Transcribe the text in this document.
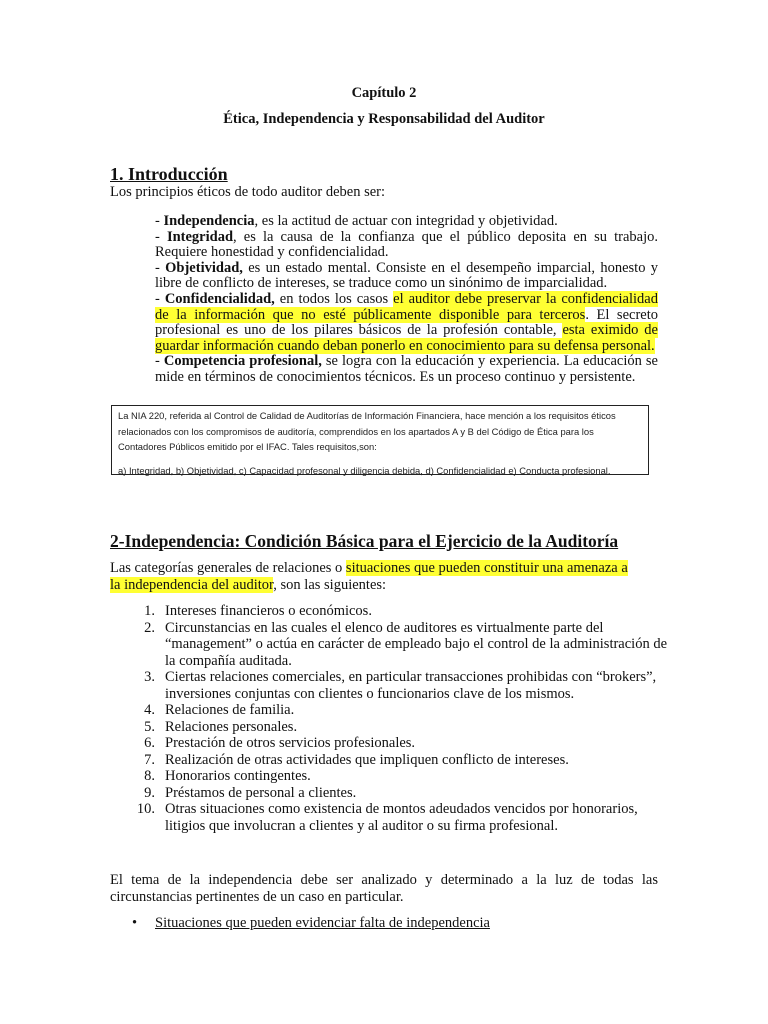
Capítulo 2
Ética, Independencia y Responsabilidad del Auditor
1. Introducción
Los principios éticos de todo auditor deben ser:

- Independencia, es la actitud de actuar con integridad y objetividad.

- Integridad, es la causa de la confianza que el público deposita en su trabajo. Requiere honestidad y confidencialidad.

- Objetividad, es un estado mental. Consiste en el desempeño imparcial, honesto y libre de conflicto de intereses, se traduce como un sinónimo de imparcialidad.

- Confidencialidad, en todos los casos el auditor debe preservar la confidencialidad de la información que no esté públicamente disponible para terceros. El secreto profesional es uno de los pilares básicos de la profesión contable, esta eximido de guardar información cuando deban ponerlo en conocimiento para su defensa personal.

- Competencia profesional, se logra con la educación y experiencia. La educación se mide en términos de conocimientos técnicos. Es un proceso continuo y persistente.

La NIA 220, referida al Control de Calidad de Auditorías de Información Financiera, hace mención a los requisitos éticos
relacionados con los compromisos de auditoría, comprendidos en los apartados A y B del Código de Ética para los
Contadores Públicos emitido por el IFAC. Tales requisitos,son:
a) Integridad, b) Objetividad, c) Capacidad profesonal y diligencia debida, d) Confidencialidad e) Conducta profesional.
2-Independencia: Condición Básica para el Ejercicio de la Auditoría
Las categorías generales de relaciones o situaciones que pueden constituir una amenaza a la independencia del auditor, son las siguientes:
1. Intereses financieros o económicos.
2. Circunstancias en las cuales el elenco de auditores es virtualmente parte del “management” o actúa en carácter de empleado bajo el control de la administración de la compañía auditada.
3. Ciertas relaciones comerciales, en particular transacciones prohibidas con “brokers”, inversiones conjuntas con clientes o funcionarios clave de los mismos.
4. Relaciones de familia.
5. Relaciones personales.
6. Prestación de otros servicios profesionales.
7. Realización de otras actividades que impliquen conflicto de intereses.
8. Honorarios contingentes.
9. Préstamos de personal a clientes.
10. Otras situaciones como existencia de montos adeudados vencidos por honorarios, litigios que involucran a clientes y al auditor o su firma profesional.
El tema de la independencia debe ser analizado y determinado a la luz de todas las circunstancias pertinentes de un caso en particular.
• Situaciones que pueden evidenciar falta de independencia
